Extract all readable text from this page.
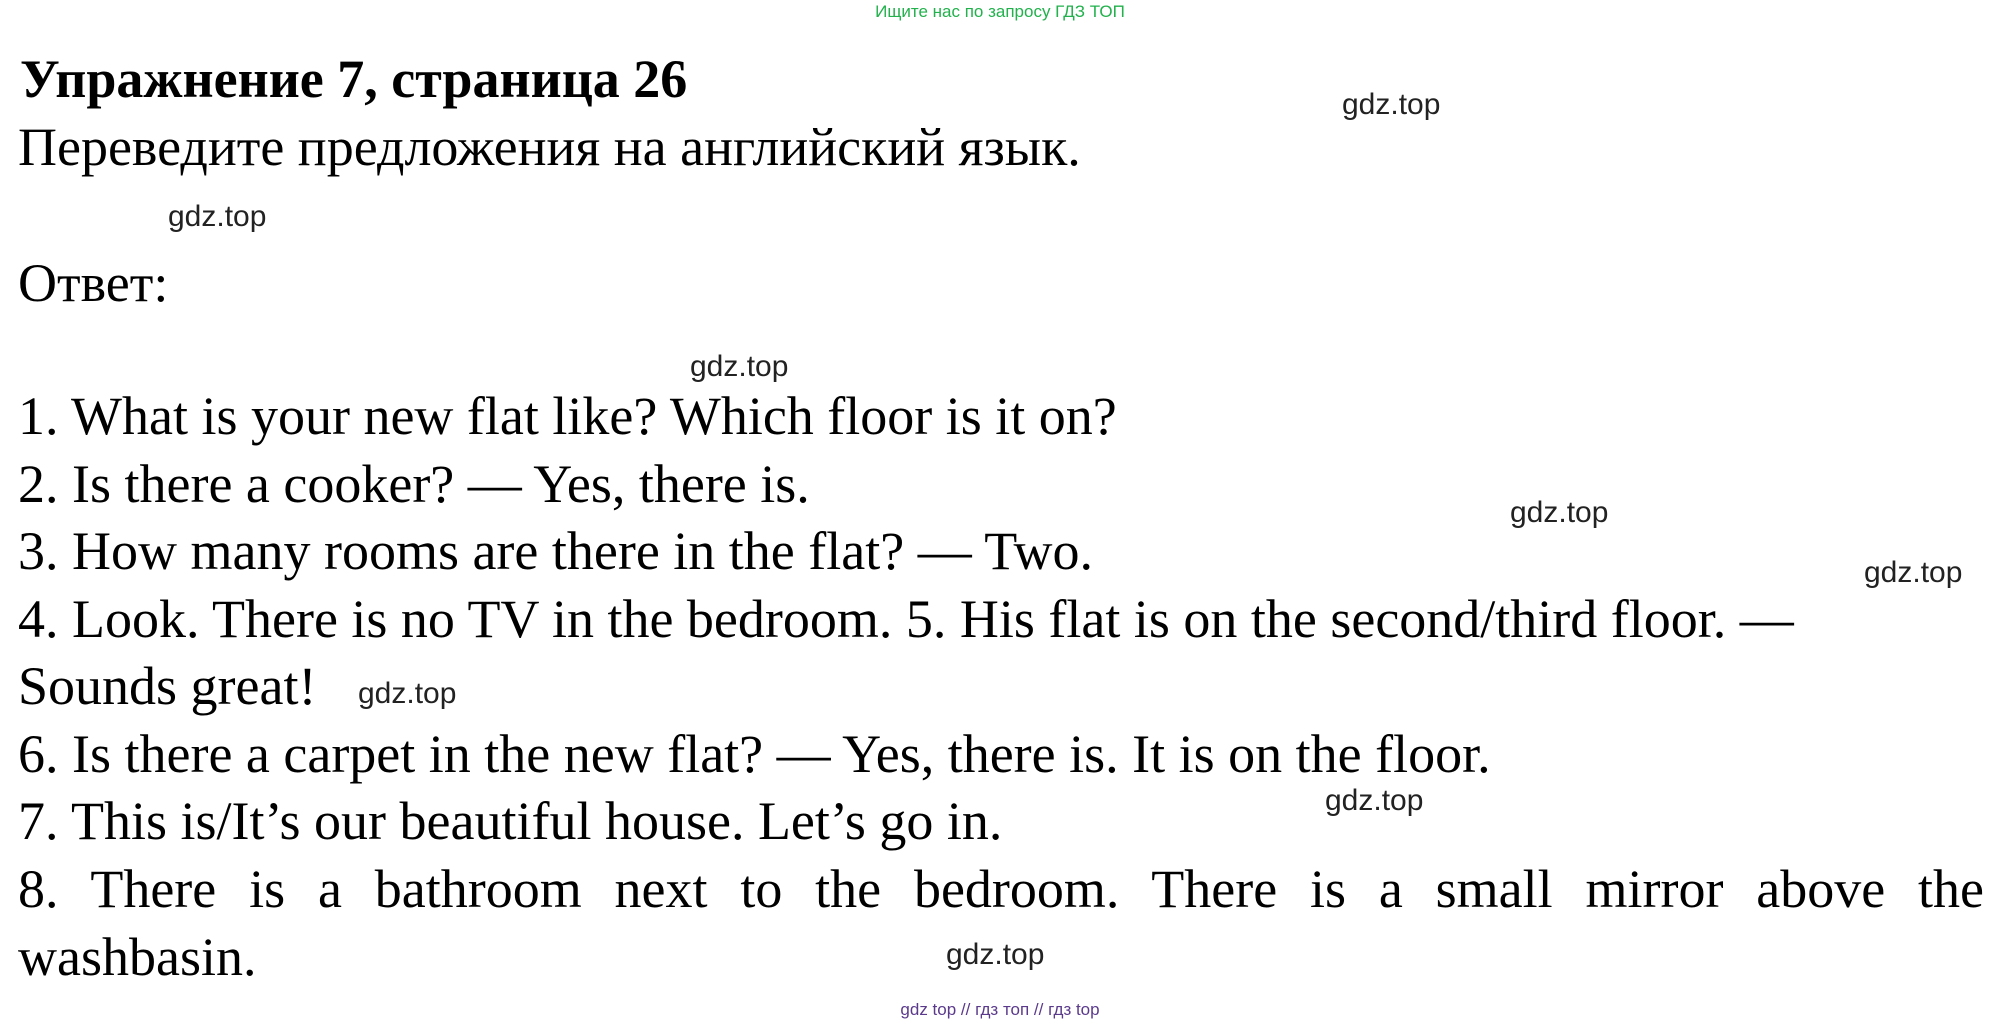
Ищите нас по запросу ГДЗ ТОП
Упражнение 7, страница 26	gdz.top
Переведите предложения на английский язык.
gdz.top
Ответ:
gdz.top
1. What is your new flat like? Which floor is it on?
2. Is there a cooker? — Yes, there is.	gdz.top
3. How many rooms are there in the flat? — Two.	gdz.top
4. Look. There is no TV in the bedroom. 5. His flat is on the second/third floor. —
Sounds great! gdz.top
6. Is there a carpet in the new flat? — Yes, there is. It is on the floor.
gdz.top
7. This is/It’s our beautiful house. Let’s go in.
8. There is a bathroom next to the bedroom. There is a small mirror above the
washbasin.	gdz.top
gdz top // гдз топ // гдз top
